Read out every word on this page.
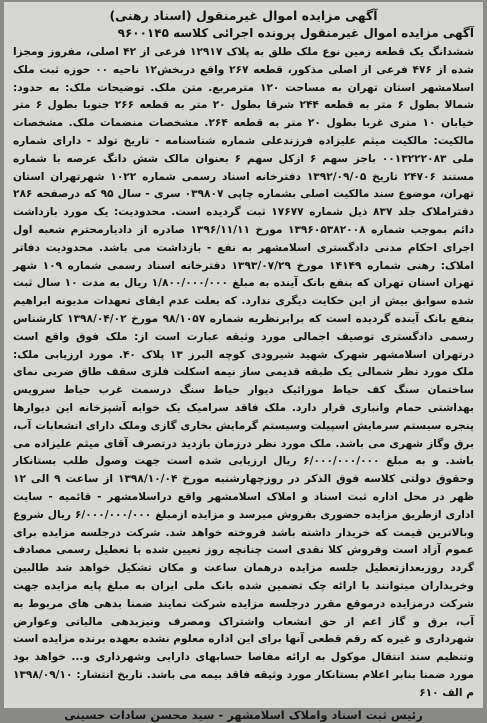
آگهی مزایده اموال غیرمنقول (اسناد رهنی)
آگهی مزایده اموال غیرمنقول پرونده اجرائی کلاسه ۹۶۰۰۱۴۵

ششدانگ یک قطعه زمین نوع ملک طلق به پلاک ۱۲۹۱۷ فرعی از ۴۲ اصلی، مفروز ومجزا شده از ۴۷۶ فرعی از اصلی مذکور، قطعه ۲۶۷ واقع دربخش۱۲ ناحیه ۰۰ حوزه ثبت ملک اسلامشهر استان تهران به مساحت ۱۲۰ مترمربع. متن ملک. توضیحات ملک: به حدود: شمالا بطول ۶ متر به قطعه ۲۴۴ شرقا بطول ۲۰ متر به قطعه ۲۶۶ جنوبا بطول ۶ متر خیابان ۱۰ متری غربا بطول ۲۰ متر به قطعه ۲۶۴. مشخصات منضمات ملک. مشخصات مالکیت: مالکیت میثم علیزاده فرزندعلی شماره شناسنامه - تاریخ تولد - دارای شماره ملی ۰۰۱۳۲۲۲۰۸۳ باجز سهم ۶ ازکل سهم ۶ بعنوان مالک شش دانگ عرصه با شماره مستند ۲۴۷۰۶ تاریخ ۱۳۹۲/۰۹/۰۵ دفترخانه اسناد رسمی شماره ۱۰۲۲ شهرتهران استان تهران، موضوع سند مالکیت اصلی بشماره چاپی ۰۳۹۸۰۷ سری - سال ۹۵ که درصفحه ۲۸۶ دفتراملاک جلد ۸۳۷ ذیل شماره ۱۷۶۷۷ ثبت گردیده است. محدودیت: یک مورد بازداشت دائم بموجب شماره ۱۳۹۶۰۵۳۸۲۰۰۸ مورخ ۱۳۹۶/۱۱/۱۱ صادره از دادیارمحترم شعبه اول اجرای احکام مدنی دادگستری اسلامشهر به نفع - بازداشت می باشد. محدودیت دفاتر املاک: رهنی شماره ۱۴۱۴۹ مورخ ۱۳۹۳/۰۷/۲۹ دفترخانه اسناد رسمی شماره ۱۰۹ شهر تهران استان تهران که بنفع بانک آینده به مبلغ ۱/۸۰۰/۰۰۰/۰۰۰ ریال به مدت ۱۰ سال ثبت شده سوابق بیش از این حکایت دیگری ندارد. که بعلت عدم ایفای تعهدات مدیونه ابراهیم بنفع بانک آینده گردیده است که برابرنظریه شماره ۹۸/۱۰۵۷ مورخ ۱۳۹۸/۰۴/۰۲ کارشناس رسمی دادگستری توصیف اجمالی مورد وثیقه عبارت است از: ملک فوق واقع است درتهران اسلامشهر شهرک شهید شیرودی کوچه البرز ۱۳ پلاک ۴۰. مورد ارزیابی ملک: ملک مورد نظر شمالی یک طبقه قدیمی ساز نیمه اسکلت فلزی سقف طاق ضربی نمای ساختمان سنگ کف حیاط موزائیک دیوار حیاط سنگ درسمت غرب حیاط سرویس بهداشتی حمام وانباری قرار دارد. ملک فاقد سرامیک یک خوابه آشپزخانه این دیوارها پنجره سیستم سرمایش اسپیلت وسیستم گرمایش بخاری گازی وملک دارای انشعابات آب، برق وگاز شهری می باشد. ملک مورد نظر درزمان بازدید درتصرف آقای میثم علیزاده می باشد. و به مبلغ ۶/۰۰۰/۰۰۰/۰۰۰ ریال ارزیابی شده است جهت وصول طلب بستانکار وحقوق دولتی کلاسه فوق الذکر در روزچهارشنبه مورخ ۱۳۹۸/۱۰/۰۴ از ساعت ۹ الی ۱۲ ظهر در محل اداره ثبت اسناد و املاک اسلامشهر واقع دراسلامشهر - قائمیه - سایت اداری ازطریق مزایده حضوری بفروش میرسد و مزایده ازمبلغ ۶/۰۰۰/۰۰۰/۰۰۰ ریال شروع وبالاترین قیمت که خریدار داشته باشد فروخته خواهد شد. شرکت درجلسه مزایده برای عموم آزاد است وفروش کلا نقدی است چنانچه روز تعیین شده با تعطیل رسمی مصادف گردد روزبعدازتعطیل جلسه مزایده درهمان ساعت و مکان تشکیل خواهد شد طالبین وخریداران میتوانند با ارائه چک تضمین شده بانک ملی ایران به مبلغ پایه مزایده جهت شرکت درمزایده درموقع مقرر درجلسه مزایده شرکت نمایند ضمنا بدهی های مربوط به آب، برق و گاز اعم از حق انشعاب واشتراک ومصرف ونیزبدهی مالیاتی وعوارض شهرداری و غیره که رقم قطعی آنها برای این اداره معلوم نشده بعهده برنده مزایده است وتنظیم سند انتقال موکول به ارائه مفاصا حسابهای دارایی وشهرداری و... خواهد بود مورد ضمنا بنابر اعلام بستانکار مورد وثیقه فاقد بیمه می باشد. تاریخ انتشار: ۱۳۹۸/۰۹/۱۰ م الف ۶۱۰

رئیس ثبت اسناد واملاک اسلامشهر - سید محسن سادات حسینی
